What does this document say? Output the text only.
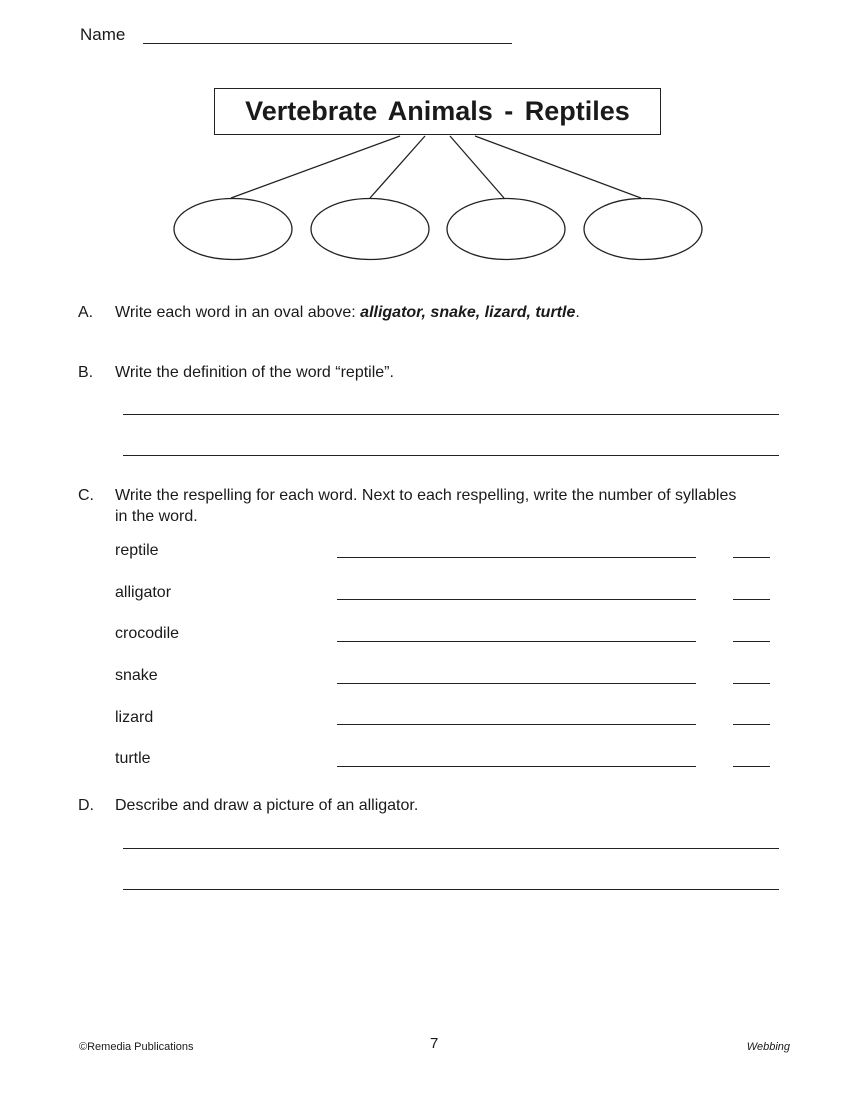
Name
Vertebrate Animals - Reptiles
A. Write each word in an oval above: alligator, snake, lizard, turtle.
B. Write the definition of the word “reptile”.
C. Write the respelling for each word. Next to each respelling, write the number of syllables
in the word.
reptile
alligator
crocodile
snake
lizard
turtle
D. Describe and draw a picture of an alligator.
©Remedia Publications	7	Webbing
